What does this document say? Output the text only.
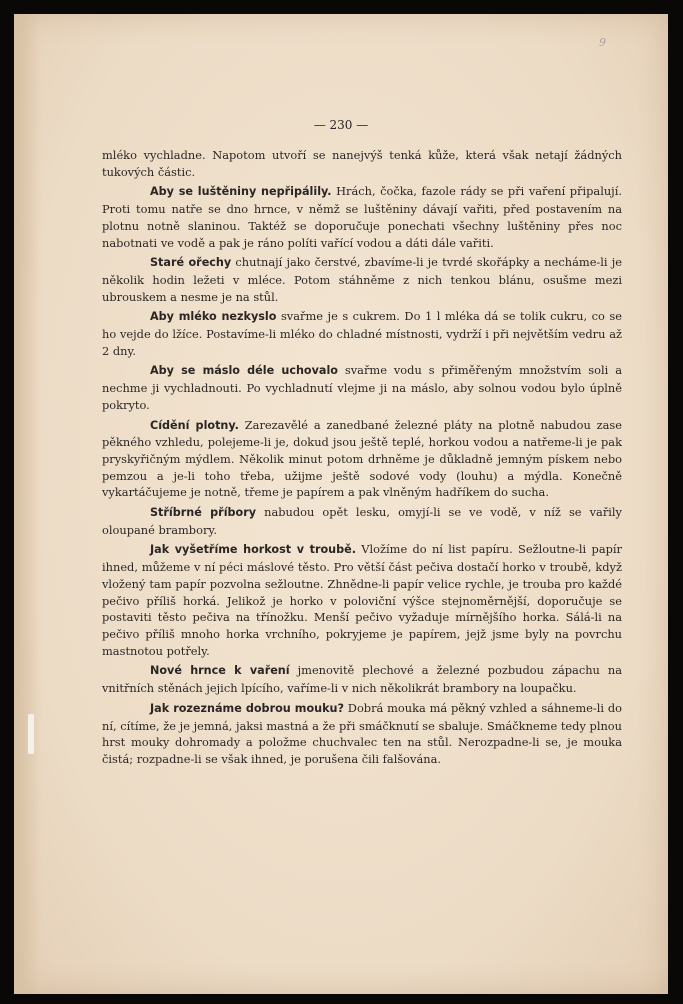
9
— 230 —

mléko vychladne. Napotom utvoří se nanejvýš tenká kůže, která však netají žádných tukových částic.

Aby se luštěniny nepřipálily. Hrách, čočka, fazole rády se při vaření připalují. Proti tomu natře se dno hrnce, v němž se luštěniny dávají vařiti, před postavením na plotnu notně slaninou. Taktéž se doporučuje ponechati všechny luštěniny přes noc nabotnati ve vodě a pak je ráno políti vařící vodou a dáti dále vařiti.

Staré ořechy chutnají jako čerstvé, zbavíme-li je tvrdé skořápky a necháme-li je několik hodin ležeti v mléce. Potom stáhněme z nich tenkou blánu, osušme mezi ubrouskem a nesme je na stůl.

Aby mléko nezkyslo svařme je s cukrem. Do 1 l mléka dá se tolik cukru, co se ho vejde do lžíce. Postavíme-li mléko do chladné místnosti, vydrží i při největším vedru až 2 dny.

Aby se máslo déle uchovalo svařme vodu s přiměřeným množstvím soli a nechme ji vychladnouti. Po vychladnutí vlejme ji na máslo, aby solnou vodou bylo úplně pokryto.

Cídění plotny. Zarezavělé a zanedbané železné pláty na plotně nabudou zase pěkného vzhledu, polejeme-li je, dokud jsou ještě teplé, horkou vodou a natřeme-li je pak pryskyřičným mýdlem. Několik minut potom drhněme je důkladně jemným pískem nebo pemzou a je-li toho třeba, užijme ještě sodové vody (louhu) a mýdla. Konečně vykartáčujeme je notně, třeme je papírem a pak vlněným hadříkem do sucha.

Stříbrné příbory nabudou opět lesku, omyjí-li se ve vodě, v níž se vařily oloupané brambory.

Jak vyšetříme horkost v troubě. Vložíme do ní list papíru. Sežloutne-li papír ihned, můžeme v ní péci máslové těsto. Pro větší část pečiva dostačí horko v troubě, když vložený tam papír pozvolna sežloutne. Zhnědne-li papír velice rychle, je trouba pro každé pečivo příliš horká. Jelikož je horko v poloviční výšce stejnoměrnější, doporučuje se postaviti těsto pečiva na třínožku. Menší pečivo vyžaduje mírnějšího horka. Sálá-li na pečivo příliš mnoho horka vrchního, pokryjeme je papírem, jejž jsme byly na povrchu mastnotou potřely.

Nové hrnce k vaření jmenovitě plechové a železné pozbudou zápachu na vnitřních stěnách jejich lpícího, vaříme-li v nich několikrát brambory na loupačku.

Jak rozeznáme dobrou mouku? Dobrá mouka má pěkný vzhled a sáhneme-li do ní, cítíme, že je jemná, jaksi mastná a že při smáčknutí se sbaluje. Smáčkneme tedy plnou hrst mouky dohromady a položme chuchvalec ten na stůl. Nerozpadne-li se, je mouka čistá; rozpadne-li se však ihned, je porušena čili falšována.
